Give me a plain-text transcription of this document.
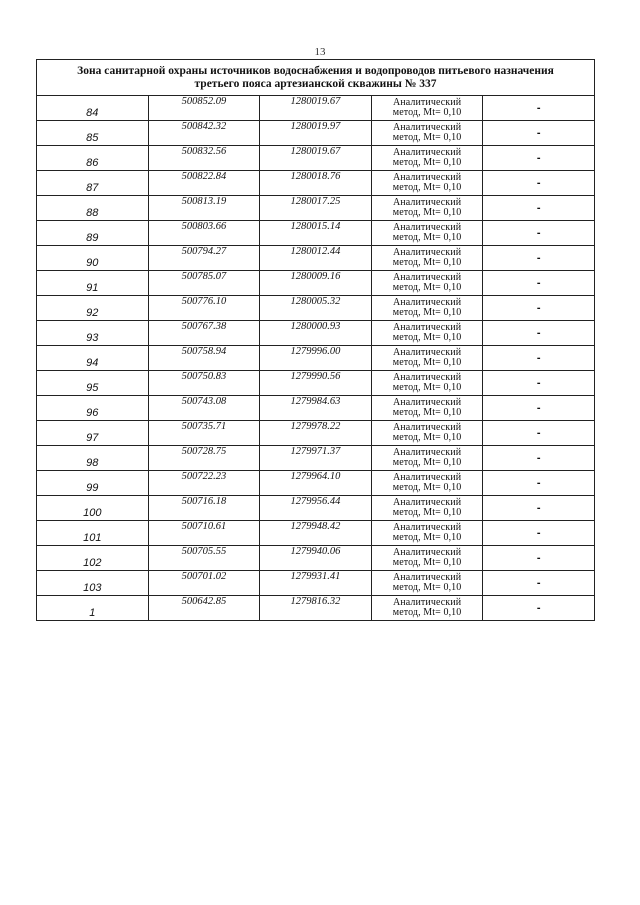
13
Зона санитарной охраны источников водоснабжения и водопроводов питьевого назначения
третьего пояса артезианской скважины № 337				

84	500852.09	1280019.67	Аналитический
метод, Mt= 0,10	-
85	500842.32	1280019.97	Аналитический
метод, Mt= 0,10	-
86	500832.56	1280019.67	Аналитический
метод, Mt= 0,10	-
87	500822.84	1280018.76	Аналитический
метод, Mt= 0,10	-
88	500813.19	1280017.25	Аналитический
метод, Mt= 0,10	-
89	500803.66	1280015.14	Аналитический
метод, Mt= 0,10	-
90	500794.27	1280012.44	Аналитический
метод, Mt= 0,10	-
91	500785.07	1280009.16	Аналитический
метод, Mt= 0,10	-
92	500776.10	1280005.32	Аналитический
метод, Mt= 0,10	-
93	500767.38	1280000.93	Аналитический
метод, Mt= 0,10	-
94	500758.94	1279996.00	Аналитический
метод, Mt= 0,10	-
95	500750.83	1279990.56	Аналитический
метод, Mt= 0,10	-
96	500743.08	1279984.63	Аналитический
метод, Mt= 0,10	-
97	500735.71	1279978.22	Аналитический
метод, Mt= 0,10	-
98	500728.75	1279971.37	Аналитический
метод, Mt= 0,10	-
99	500722.23	1279964.10	Аналитический
метод, Mt= 0,10	-
100	500716.18	1279956.44	Аналитический
метод, Mt= 0,10	-
101	500710.61	1279948.42	Аналитический
метод, Mt= 0,10	-
102	500705.55	1279940.06	Аналитический
метод, Mt= 0,10	-
103	500701.02	1279931.41	Аналитический
метод, Mt= 0,10	-
1	500642.85	1279816.32	Аналитический
метод, Mt= 0,10	-
